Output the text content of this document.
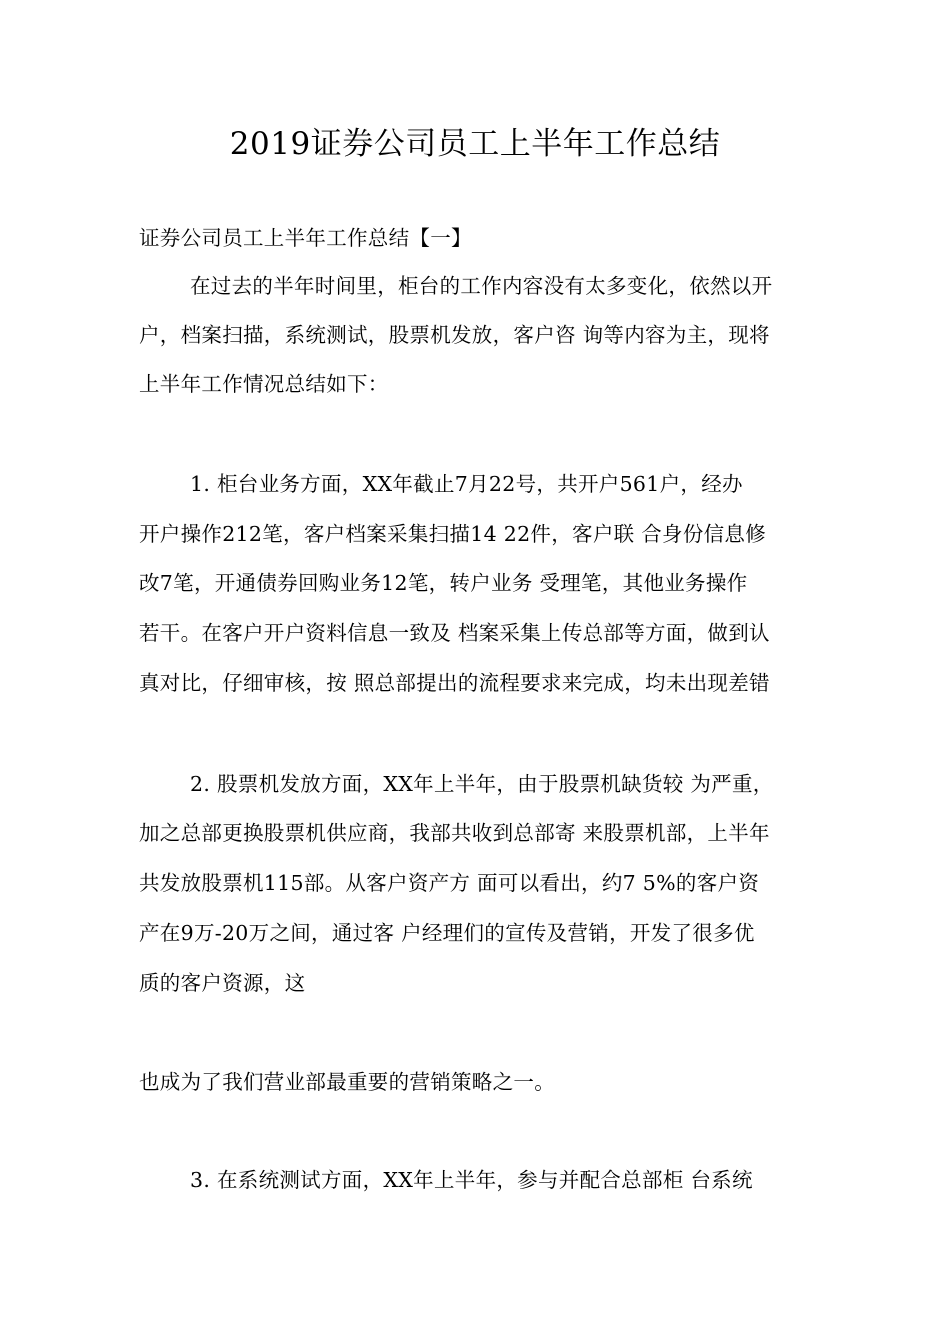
2019证券公司员工上半年工作总结
证券公司员工上半年工作总结【一】
在过去的半年时间里，柜台的工作内容没有太多变化，依然以开
户，档案扫描，系统测试，股票机发放，客户咨 询等内容为主，现将
上半年工作情况总结如下：
1. 柜台业务方面，XX年截止7月22号，共开户561户，经办
开户操作212笔，客户档案采集扫描14 22件，客户联 合身份信息修
改7笔，开通债券回购业务12笔，转户业务 受理笔，其他业务操作
若干。在客户开户资料信息一致及 档案采集上传总部等方面，做到认
真对比，仔细审核，按 照总部提出的流程要求来完成，均未出现差错
2. 股票机发放方面，XX年上半年，由于股票机缺货较 为严重，
加之总部更换股票机供应商，我部共收到总部寄 来股票机部，上半年
共发放股票机115部。从客户资产方 面可以看出，约7 5%的客户资
产在9万-20万之间，通过客 户经理们的宣传及营销，开发了很多优
质的客户资源，这
也成为了我们营业部最重要的营销策略之一。
3. 在系统测试方面，XX年上半年，参与并配合总部柜 台系统
